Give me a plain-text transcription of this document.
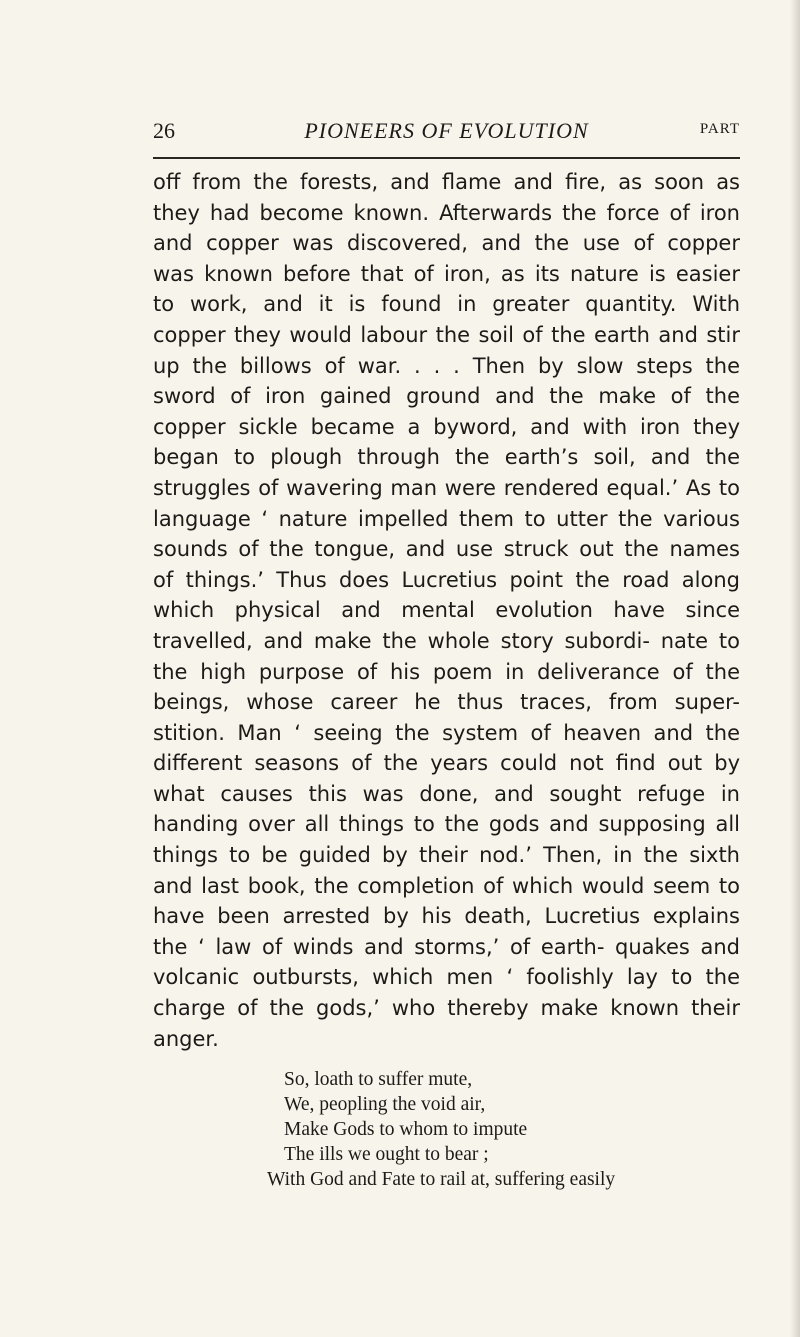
26	PIONEERS OF EVOLUTION	PART

off from the forests, and flame and fire, as soon as they had become known. Afterwards the force of iron and copper was discovered, and the use of copper was known before that of iron, as its nature is easier to work, and it is found in greater quantity. With copper they would labour the soil of the earth and stir up the billows of war. . . . Then by slow steps the sword of iron gained ground and the make of the copper sickle became a byword, and with iron they began to plough through the earth’s soil, and the struggles of wavering man were rendered equal.’ As to language ‘ nature impelled them to utter the various sounds of the tongue, and use struck out the names of things.’ Thus does Lucretius point the road along which physical and mental evolution have since travelled, and make the whole story subordi- nate to the high purpose of his poem in deliverance of the beings, whose career he thus traces, from super- stition. Man ‘ seeing the system of heaven and the different seasons of the years could not find out by what causes this was done, and sought refuge in handing over all things to the gods and supposing all things to be guided by their nod.’ Then, in the sixth and last book, the completion of which would seem to have been arrested by his death, Lucretius explains the ‘ law of winds and storms,’ of earth- quakes and volcanic outbursts, which men ‘ foolishly lay to the charge of the gods,’ who thereby make known their anger.

So, loath to suffer mute,
We, peopling the void air,
Make Gods to whom to impute
The ills we ought to bear ;
With God and Fate to rail at, suffering easily
